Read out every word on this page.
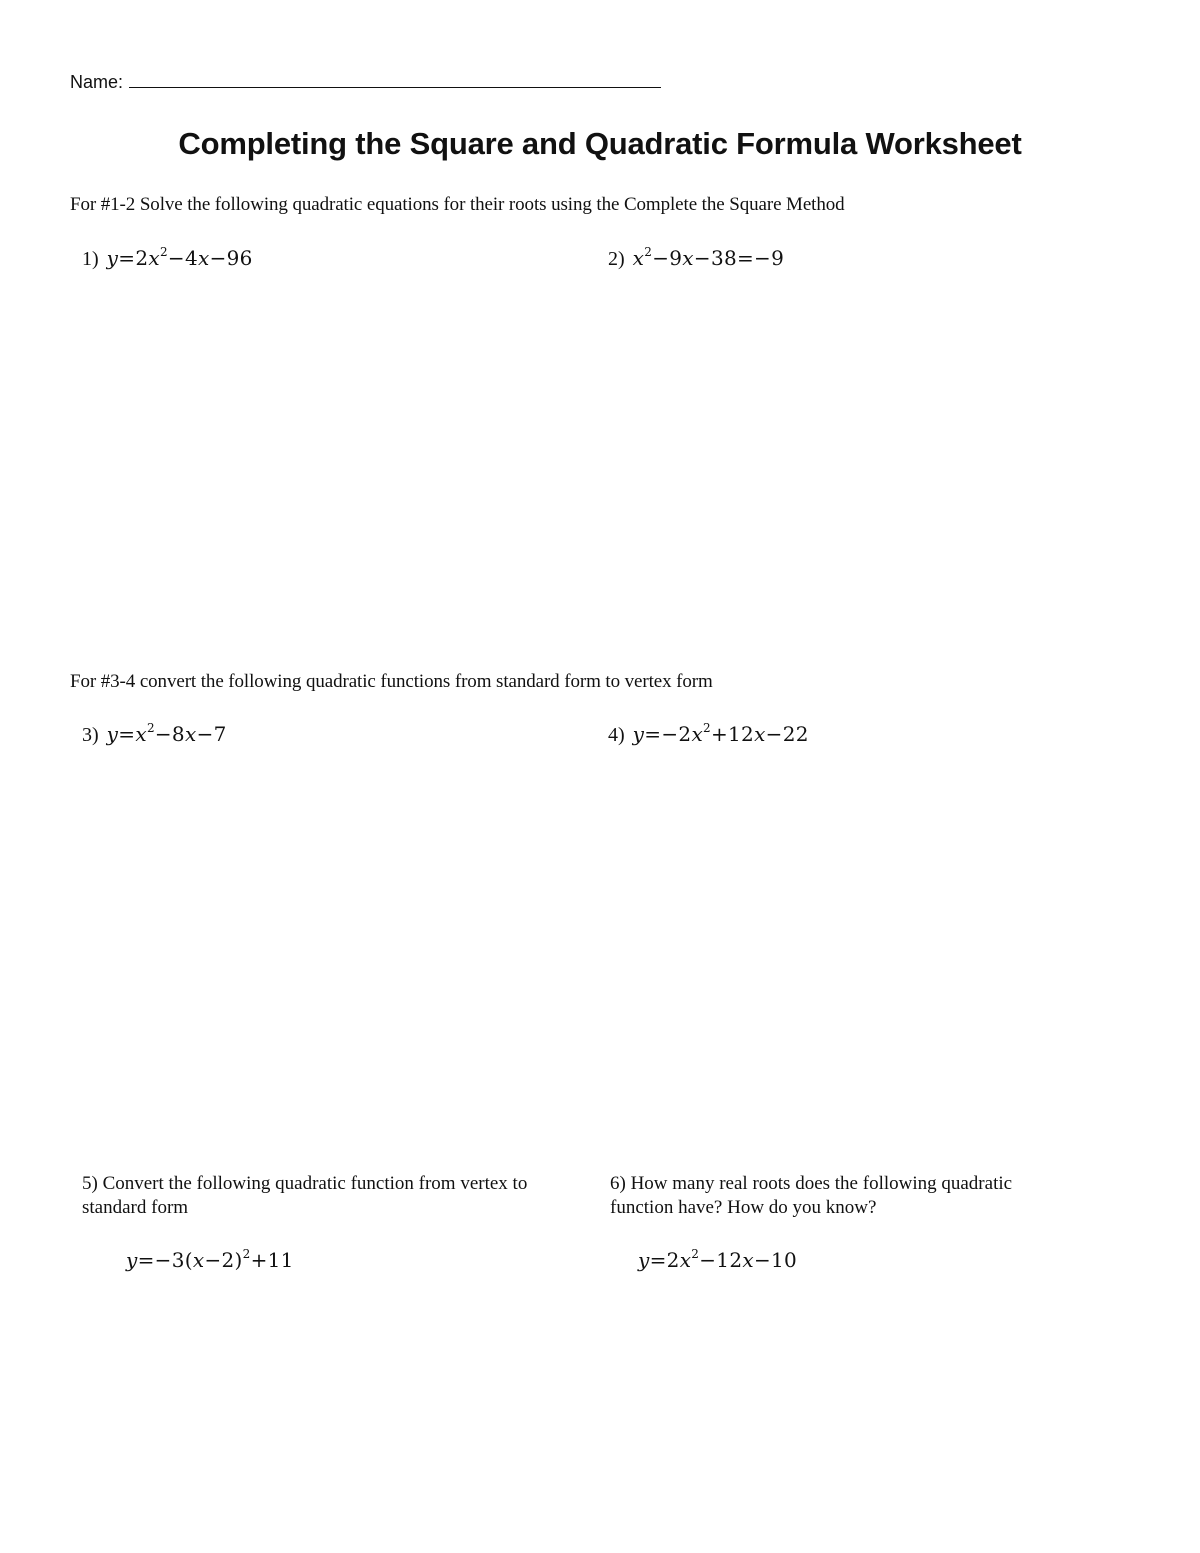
Name:
Completing the Square and Quadratic Formula Worksheet
For #1-2 Solve the following quadratic equations for their roots using the Complete the Square Method
1) $y=2x^2-4x-96$	2) $x^2-9x-38=-9$
For #3-4 convert the following quadratic functions from standard form to vertex form
3) $y=x^2-8x-7$	4) $y=-2x^2+12x-22$
5) Convert the following quadratic function from vertex to standard form
6) How many real roots does the following quadratic function have? How do you know?
$y=-3(x-2)^2+11$	$y=2x^2-12x-10$
